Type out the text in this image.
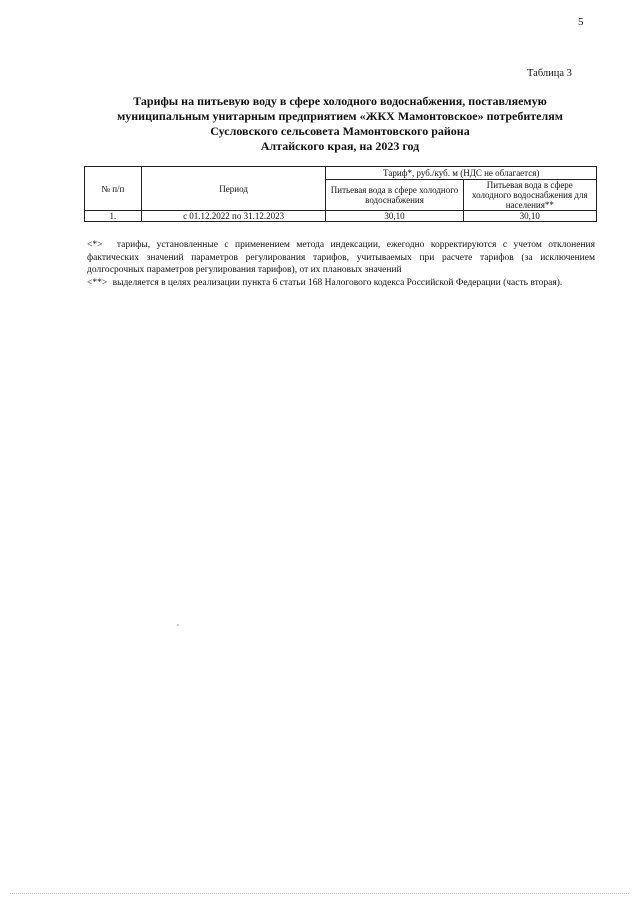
5
Таблица 3
Тарифы на питьевую воду в сфере холодного водоснабжения, поставляемую
муниципальным унитарным предприятием «ЖКХ Мамонтовское» потребителям
Сусловского сельсовета Мамонтовского района
Алтайского края, на 2023 год
№ п/п	Период	Тариф*, руб./куб. м (НДС не облагается)	
		Питьевая вода в сфере холодного водоснабжения	Питьевая вода в сфере холодного водоснабжения для населения**
1.	с 01.12.2022 по 31.12.2023	30,10	30,10

<*> тарифы, установленные с применением метода индексации, ежегодно корректируются с учетом отклонения фактических значений параметров регулирования тарифов, учитываемых при расчете тарифов (за исключением долгосрочных параметров регулирования тарифов), от их плановых значений

<**> выделяется в целях реализации пункта 6 статьи 168 Налогового кодекса Российской Федерации (часть вторая).
